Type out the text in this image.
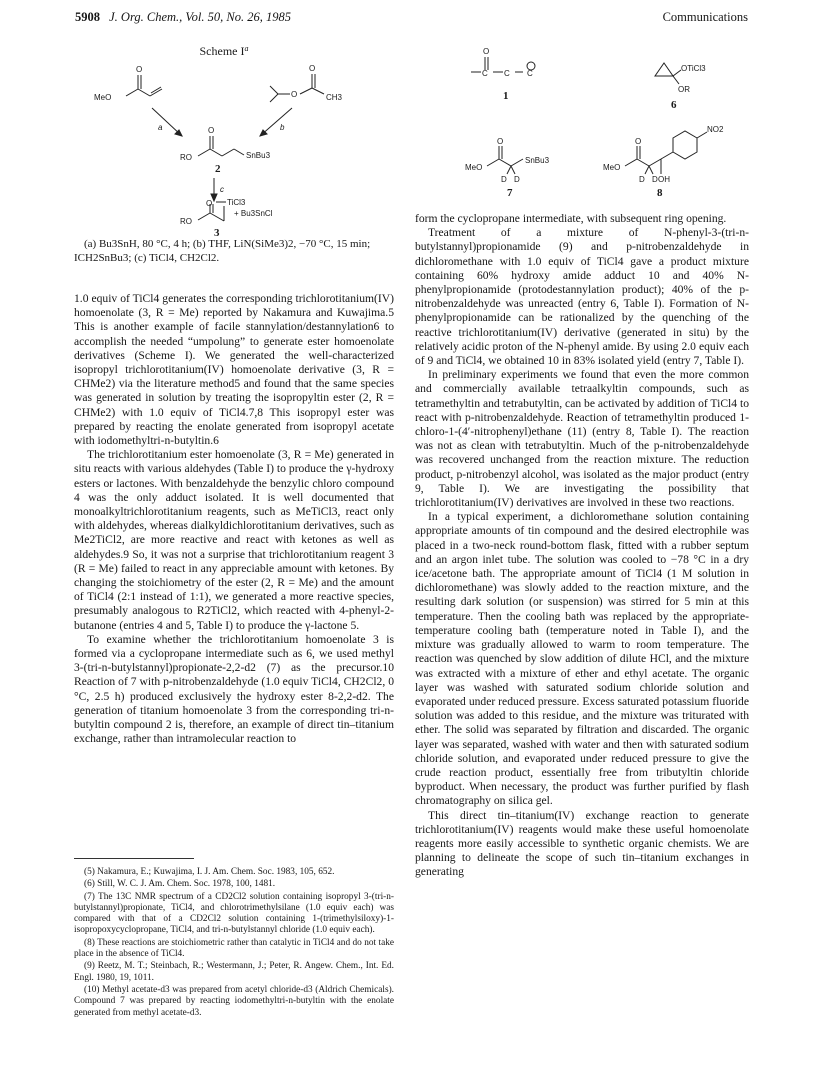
5908 J. Org. Chem., Vol. 50, No. 26, 1985	Communications
Scheme $I^a$
MeO
O
O
O
CH3
a	b
RO
O
SnBu3
2
c
RO
O TiCl3
+ Bu3SnCl
3

(a) Bu3SnH, 80 °C, 4 h; (b) THF, LiN(SiMe3)2, −70 °C, 15 min; ICH2SnBu3; (c) TiCl4, CH2Cl2.

O
C C C
1
OTiCl3
OR
6
MeO
O
SnBu3
D D
7
MeO
O
D D OH
NO2
8

1.0 equiv of TiCl4 generates the corresponding trichlorotitanium(IV) homoenolate (3, R = Me) reported by Nakamura and Kuwajima.5 This is another example of facile stannylation/destannylation6 to accomplish the needed “umpolung” to generate ester homoenolate derivatives (Scheme I). We generated the well-characterized isopropyl trichlorotitanium(IV) homoenolate derivative (3, R = CHMe2) via the literature method5 and found that the same species was generated in solution by treating the isopropyltin ester (2, R = CHMe2) with 1.0 equiv of TiCl4.7,8 This isopropyl ester was prepared by reacting the enolate generated from isopropyl acetate with iodomethyltri-n-butyltin.6

The trichlorotitanium ester homoenolate (3, R = Me) generated in situ reacts with various aldehydes (Table I) to produce the γ-hydroxy esters or lactones. With benzaldehyde the benzylic chloro compound 4 was the only adduct isolated. It is well documented that monoalkyltrichlorotitanium reagents, such as MeTiCl3, react only with aldehydes, whereas dialkyldichlorotitanium derivatives, such as Me2TiCl2, are more reactive and react with ketones as well as aldehydes.9 So, it was not a surprise that trichlorotitanium reagent 3 (R = Me) failed to react in any appreciable amount with ketones. By changing the stoichiometry of the ester (2, R = Me) and the amount of TiCl4 (2:1 instead of 1:1), we generated a more reactive species, presumably analogous to R2TiCl2, which reacted with 4-phenyl-2-butanone (entries 4 and 5, Table I) to produce the γ-lactone 5.

To examine whether the trichlorotitanium homoenolate 3 is formed via a cyclopropane intermediate such as 6, we used methyl 3-(tri-n-butylstannyl)propionate-2,2-d2 (7) as the precursor.10 Reaction of 7 with p-nitrobenzaldehyde (1.0 equiv TiCl4, CH2Cl2, 0 °C, 2.5 h) produced exclusively the hydroxy ester 8-2,2-d2. The generation of titanium homoenolate 3 from the corresponding tri-n-butyltin compound 2 is, therefore, an example of direct tin–titanium exchange, rather than intramolecular reaction to

(5) Nakamura, E.; Kuwajima, I. J. Am. Chem. Soc. 1983, 105, 652.

(6) Still, W. C. J. Am. Chem. Soc. 1978, 100, 1481.

(7) The 13C NMR spectrum of a CD2Cl2 solution containing isopropyl 3-(tri-n-butylstannyl)propionate, TiCl4, and chlorotrimethylsilane (1.0 equiv each) was compared with that of a CD2Cl2 solution containing 1-(trimethylsiloxy)-1-isopropoxycyclopropane, TiCl4, and tri-n-butylstannyl chloride (1.0 equiv each).

(8) These reactions are stoichiometric rather than catalytic in TiCl4 and do not take place in the absence of TiCl4.

(9) Reetz, M. T.; Steinbach, R.; Westermann, J.; Peter, R. Angew. Chem., Int. Ed. Engl. 1980, 19, 1011.

(10) Methyl acetate-d3 was prepared from acetyl chloride-d3 (Aldrich Chemicals). Compound 7 was prepared by reacting iodomethyltri-n-butyltin with the enolate generated from methyl acetate-d3.

form the cyclopropane intermediate, with subsequent ring opening.

Treatment of a mixture of N-phenyl-3-(tri-n-butylstannyl)propionamide (9) and p-nitrobenzaldehyde in dichloromethane with 1.0 equiv of TiCl4 gave a product mixture containing 60% hydroxy amide adduct 10 and 40% N-phenylpropionamide (protodestannylation product); 40% of the p-nitrobenzaldehyde was unreacted (entry 6, Table I). Formation of N-phenylpropionamide can be rationalized by the quenching of the reactive trichlorotitanium(IV) derivative (generated in situ) by the relatively acidic proton of the N-phenyl amide. By using 2.0 equiv each of 9 and TiCl4, we obtained 10 in 83% isolated yield (entry 7, Table I).

In preliminary experiments we found that even the more common and commercially available tetraalkyltin compounds, such as tetramethyltin and tetrabutyltin, can be activated by addition of TiCl4 to react with p-nitrobenzaldehyde. Reaction of tetramethyltin produced 1-chloro-1-(4′-nitrophenyl)ethane (11) (entry 8, Table I). The reaction was not as clean with tetrabutyltin. Much of the p-nitrobenzaldehyde was recovered unchanged from the reaction mixture. The reduction product, p-nitrobenzyl alcohol, was isolated as the major product (entry 9, Table I). We are investigating the possibility that trichlorotitanium(IV) derivatives are involved in these two reactions.

In a typical experiment, a dichloromethane solution containing appropriate amounts of tin compound and the desired electrophile was placed in a two-neck round-bottom flask, fitted with a rubber septum and an argon inlet tube. The solution was cooled to −78 °C in a dry ice/acetone bath. The appropriate amount of TiCl4 (1 M solution in dichloromethane) was slowly added to the reaction mixture, and the resulting dark solution (or suspension) was stirred for 5 min at this temperature. Then the cooling bath was replaced by the appropriate-temperature cooling bath (temperature noted in Table I), and the mixture was gradually allowed to warm to room temperature. The reaction was quenched by slow addition of dilute HCl, and the mixture was extracted with a mixture of ether and ethyl acetate. The organic layer was washed with saturated sodium chloride solution and evaporated under reduced pressure. Excess saturated potassium fluoride solution was added to this residue, and the mixture was triturated with ether. The solid was separated by filtration and discarded. The organic layer was separated, washed with water and then with saturated sodium chloride solution, and evaporated under reduced pressure to give the crude reaction product, essentially free from tributyltin chloride byproduct. When necessary, the product was further purified by flash chromatography on silica gel.

This direct tin–titanium(IV) exchange reaction to generate trichlorotitanium(IV) reagents would make these useful homoenolate reagents more easily accessible to synthetic organic chemists. We are planning to delineate the scope of such tin–titanium exchanges in generating
